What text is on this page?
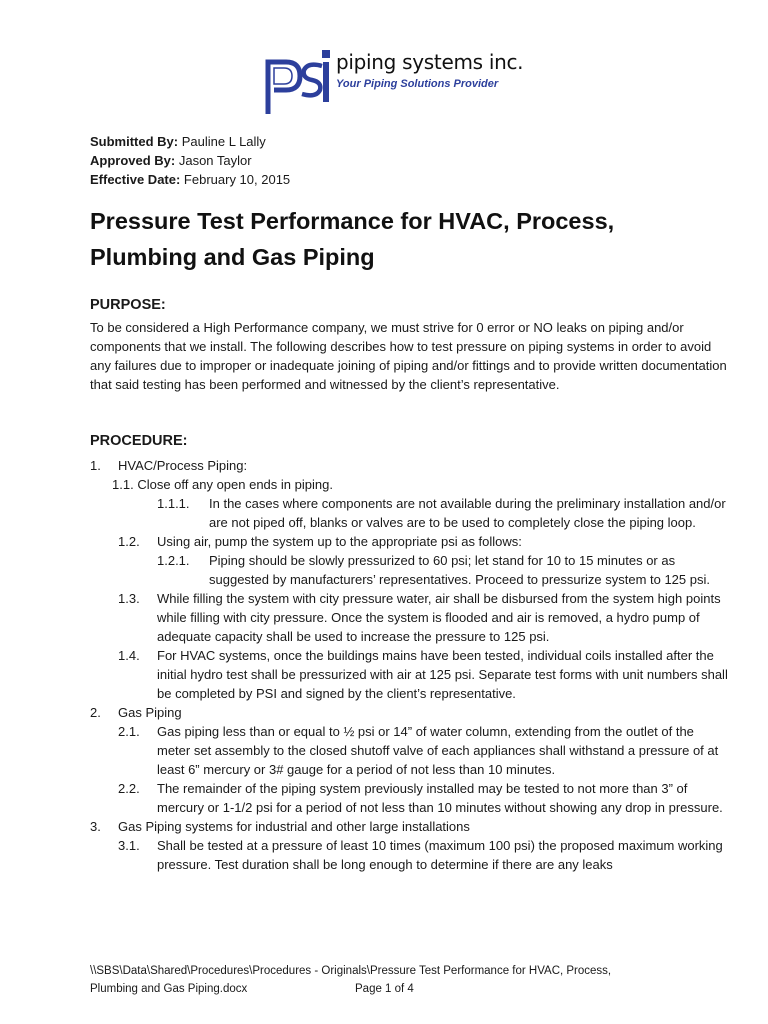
piping systems inc.
Your Piping Solutions Provider
Submitted By: Pauline L Lally
Approved By: Jason Taylor
Effective Date: February 10, 2015
Pressure Test Performance for HVAC, Process, Plumbing and Gas Piping
PURPOSE:
To be considered a High Performance company, we must strive for 0 error or NO leaks on piping and/or components that we install. The following describes how to test pressure on piping systems in order to avoid any failures due to improper or inadequate joining of piping and/or fittings and to provide written documentation that said testing has been performed and witnessed by the client’s representative.
PROCEDURE:
1. HVAC/Process Piping:
1.1. Close off any open ends in piping.
1.1.1. In the cases where components are not available during the preliminary installation and/or are not piped off, blanks or valves are to be used to completely close the piping loop.
1.2. Using air, pump the system up to the appropriate psi as follows:
1.2.1. Piping should be slowly pressurized to 60 psi; let stand for 10 to 15 minutes or as suggested by manufacturers’ representatives. Proceed to pressurize system to 125 psi.
1.3. While filling the system with city pressure water, air shall be disbursed from the system high points while filling with city pressure. Once the system is flooded and air is removed, a hydro pump of adequate capacity shall be used to increase the pressure to 125 psi.
1.4. For HVAC systems, once the buildings mains have been tested, individual coils installed after the initial hydro test shall be pressurized with air at 125 psi. Separate test forms with unit numbers shall be completed by PSI and signed by the client’s representative.
2. Gas Piping
2.1. Gas piping less than or equal to ½ psi or 14” of water column, extending from the outlet of the meter set assembly to the closed shutoff valve of each appliances shall withstand a pressure of at least 6” mercury or 3# gauge for a period of not less than 10 minutes.
2.2. The remainder of the piping system previously installed may be tested to not more than 3” of mercury or 1-1/2 psi for a period of not less than 10 minutes without showing any drop in pressure.
3. Gas Piping systems for industrial and other large installations
3.1. Shall be tested at a pressure of least 10 times (maximum 100 psi) the proposed maximum working pressure. Test duration shall be long enough to determine if there are any leaks
\\SBS\Data\Shared\Procedures\Procedures - Originals\Pressure Test Performance for HVAC, Process,
Plumbing and Gas Piping.docx	Page 1 of 4
